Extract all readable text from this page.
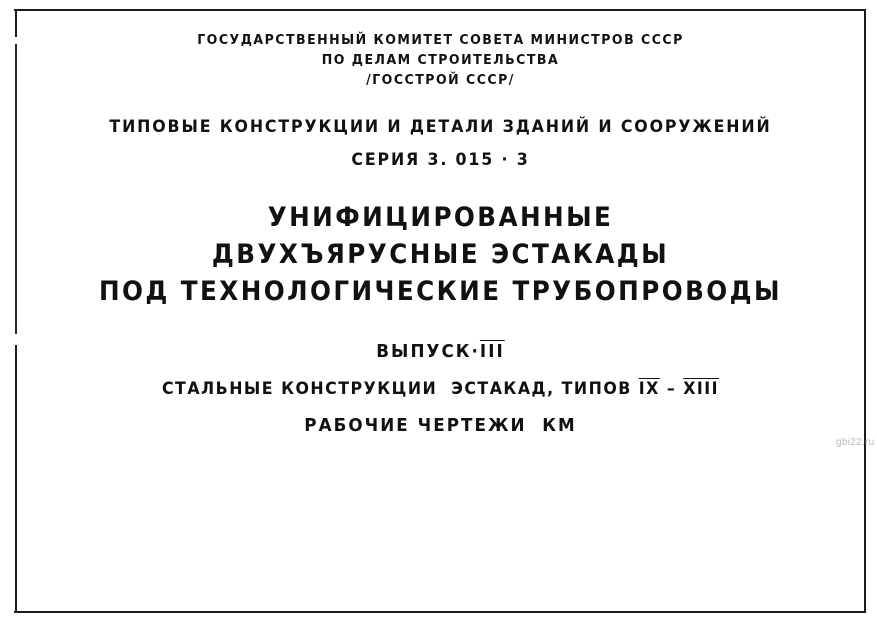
ГОСУДАРСТВЕННЫЙ КОМИТЕТ СОВЕТА МИНИСТРОВ СССР
ПО ДЕЛАМ СТРОИТЕЛЬСТВА
/ГОССТРОЙ СССР/
ТИПОВЫЕ КОНСТРУКЦИИ И ДЕТАЛИ ЗДАНИЙ И СООРУЖЕНИЙ
СЕРИЯ 3. 015 · 3
УНИФИЦИРОВАННЫЕ
ДВУХЪЯРУСНЫЕ ЭСТАКАДЫ
ПОД ТЕХНОЛОГИЧЕСКИЕ ТРУБОПРОВОДЫ
$ВЫПУСК\cdot\overline{III}$
СТАЛЬНЫЕ КОНСТРУКЦИИ  ЭСТАКАД, ТИПОВ $\overline{IX}$ – XIII
РАБОЧИЕ ЧЕРТЕЖИ  КМ
gbi22.ru
